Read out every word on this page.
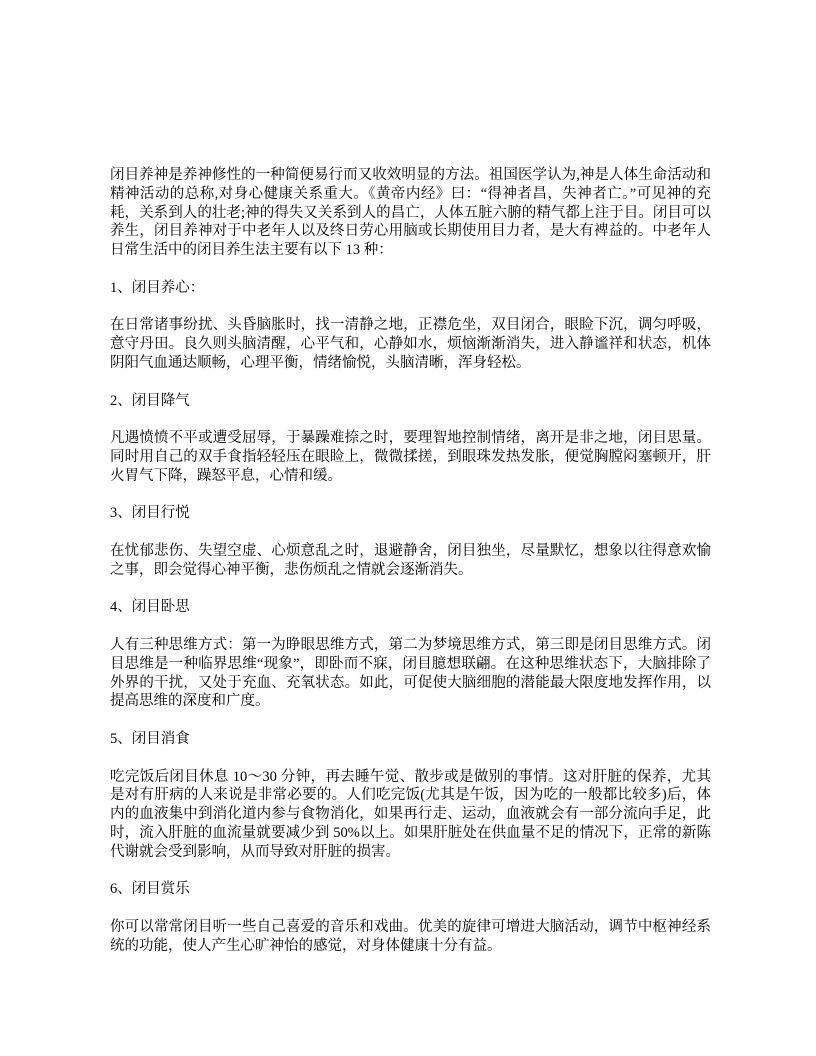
闭目养神是养神修性的一种简便易行而又收效明显的方法。祖国医学认为,神是人体生命活动和精神活动的总称,对身心健康关系重大。《黄帝内经》曰：“得神者昌，失神者亡。”可见神的充耗，关系到人的壮老;神的得失又关系到人的昌亡，人体五脏六腑的精气都上注于目。闭目可以养生，闭目养神对于中老年人以及终日劳心用脑或长期使用目力者，是大有裨益的。中老年人日常生活中的闭目养生法主要有以下 13 种：

1、闭目养心：

在日常诸事纷扰、头昏脑胀时，找一清静之地，正襟危坐，双目闭合，眼睑下沉，调匀呼吸，意守丹田。良久则头脑清醒，心平气和，心静如水，烦恼渐渐消失，进入静谧祥和状态，机体阴阳气血通达顺畅，心理平衡，情绪愉悦，头脑清晰，浑身轻松。

2、闭目降气

凡遇愤愤不平或遭受屈辱，于暴躁难捺之时，要理智地控制情绪，离开是非之地，闭目思量。同时用自己的双手食指轻轻压在眼睑上，微微揉搓，到眼珠发热发胀，便觉胸膛闷塞顿开，肝火胃气下降，躁怒平息，心情和缓。

3、闭目行悦

在忧郁悲伤、失望空虚、心烦意乱之时，退避静舍，闭目独坐，尽量默忆，想象以往得意欢愉之事，即会觉得心神平衡，悲伤烦乱之情就会逐渐消失。

4、闭目卧思

人有三种思维方式：第一为睁眼思维方式，第二为梦境思维方式，第三即是闭目思维方式。闭目思维是一种临界思维“现象”，即卧而不寐，闭目臆想联翩。在这种思维状态下，大脑排除了外界的干扰，又处于充血、充氧状态。如此，可促使大脑细胞的潜能最大限度地发挥作用，以提高思维的深度和广度。

5、闭目消食

吃完饭后闭目休息 10～30 分钟，再去睡午觉、散步或是做别的事情。这对肝脏的保养，尤其是对有肝病的人来说是非常必要的。人们吃完饭(尤其是午饭，因为吃的一般都比较多)后，体内的血液集中到消化道内参与食物消化，如果再行走、运动，血液就会有一部分流向手足，此时，流入肝脏的血流量就要减少到 50%以上。如果肝脏处在供血量不足的情况下，正常的新陈代谢就会受到影响，从而导致对肝脏的损害。

6、闭目赏乐

你可以常常闭目听一些自己喜爱的音乐和戏曲。优美的旋律可增进大脑活动，调节中枢神经系统的功能，使人产生心旷神怡的感觉，对身体健康十分有益。
